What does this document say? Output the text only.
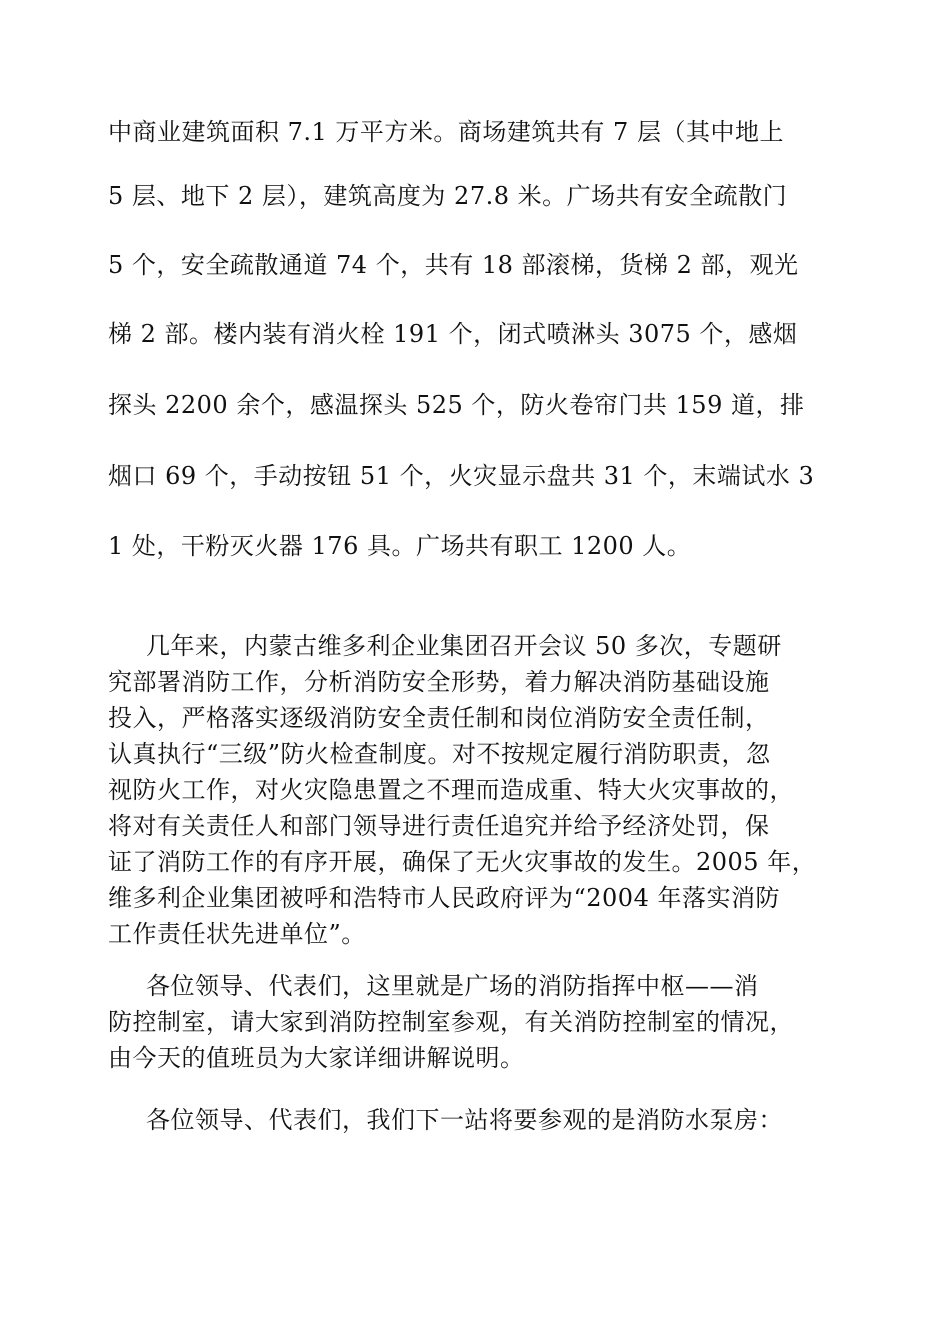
中商业建筑面积 7.1 万平方米。商场建筑共有 7 层（其中地上
5 层、地下 2 层），建筑高度为 27.8 米。广场共有安全疏散门
5 个，安全疏散通道 74 个，共有 18 部滚梯，货梯 2 部，观光
梯 2 部。楼内装有消火栓 191 个，闭式喷淋头 3075 个，感烟
探头 2200 余个，感温探头 525 个，防火卷帘门共 159 道，排
烟口 69 个，手动按钮 51 个，火灾显示盘共 31 个，末端试水 3
1 处，干粉灭火器 176 具。广场共有职工 1200 人。
几年来，内蒙古维多利企业集团召开会议 50 多次，专题研
究部署消防工作，分析消防安全形势，着力解决消防基础设施
投入，严格落实逐级消防安全责任制和岗位消防安全责任制，
认真执行“三级”防火检查制度。对不按规定履行消防职责，忽
视防火工作，对火灾隐患置之不理而造成重、特大火灾事故的，
将对有关责任人和部门领导进行责任追究并给予经济处罚，保
证了消防工作的有序开展，确保了无火灾事故的发生。2005 年，
维多利企业集团被呼和浩特市人民政府评为“2004 年落实消防
工作责任状先进单位”。
各位领导、代表们，这里就是广场的消防指挥中枢——消
防控制室，请大家到消防控制室参观，有关消防控制室的情况，
由今天的值班员为大家详细讲解说明。
各位领导、代表们，我们下一站将要参观的是消防水泵房：
